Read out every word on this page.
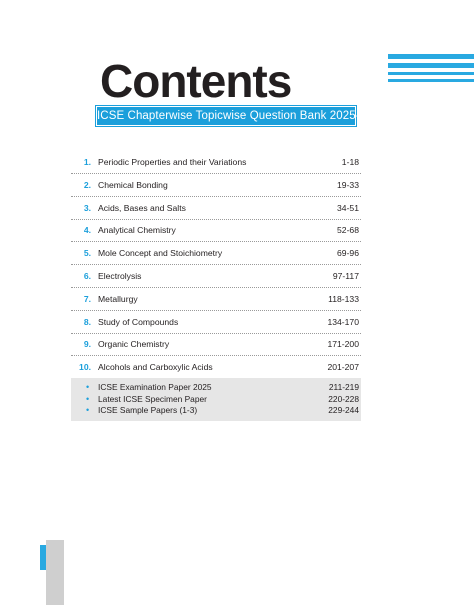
Contents
ICSE Chapterwise Topicwise Question Bank 2025-2001
1. Periodic Properties and their Variations	1-18
2. Chemical Bonding	19-33
3. Acids, Bases and Salts	34-51
4. Analytical Chemistry	52-68
5. Mole Concept and Stoichiometry	69-96
6. Electrolysis	97-117
7. Metallurgy	118-133
8. Study of Compounds	134-170
9. Organic Chemistry	171-200
10. Alcohols and Carboxylic Acids	201-207
• ICSE Examination Paper 2025	211-219
• Latest ICSE Specimen Paper	220-228
• ICSE Sample Papers (1-3)	229-244
